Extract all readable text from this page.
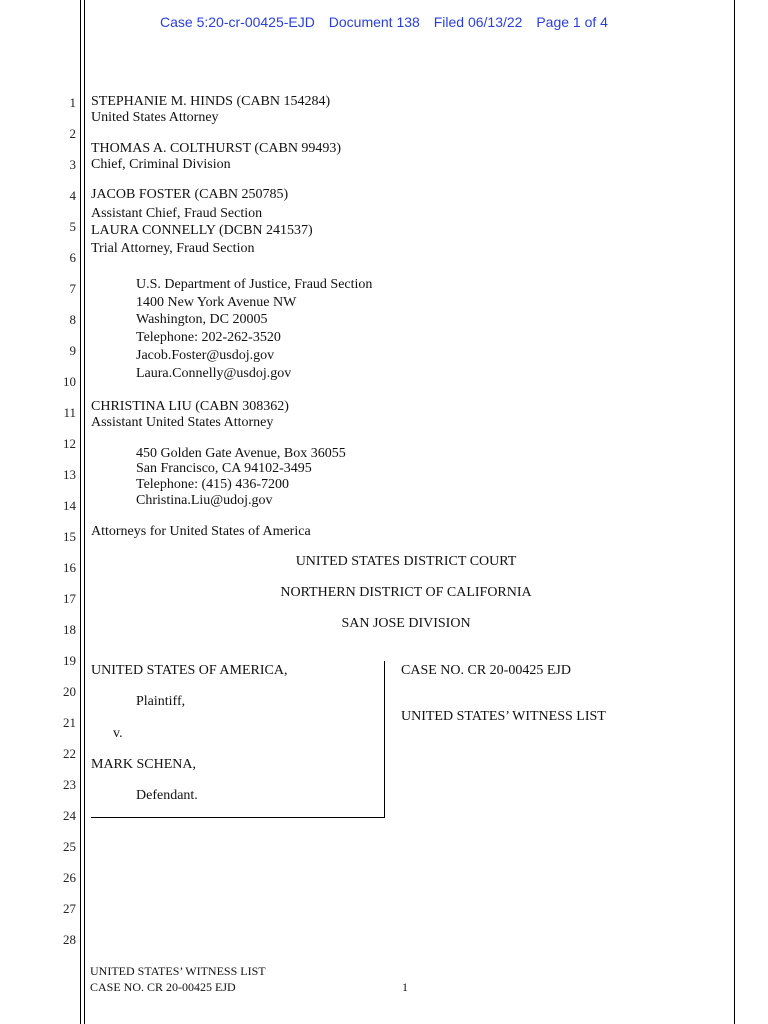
Case 5:20-cr-00425-EJD Document 138 Filed 06/13/22 Page 1 of 4
1
2
3
4
5
6
7
8
9
10
11
12
13
14
15
16
17
18
19
20
21
22
23
24
25
26
27
28
STEPHANIE M. HINDS (CABN 154284)
United States Attorney
THOMAS A. COLTHURST (CABN 99493)
Chief, Criminal Division
JACOB FOSTER (CABN 250785)
Assistant Chief, Fraud Section
LAURA CONNELLY (DCBN 241537)
Trial Attorney, Fraud Section
U.S. Department of Justice, Fraud Section
1400 New York Avenue NW
Washington, DC 20005
Telephone: 202-262-3520
Jacob.Foster@usdoj.gov
Laura.Connelly@usdoj.gov
CHRISTINA LIU (CABN 308362)
Assistant United States Attorney
450 Golden Gate Avenue, Box 36055
San Francisco, CA 94102-3495
Telephone: (415) 436-7200
Christina.Liu@udoj.gov
Attorneys for United States of America
UNITED STATES DISTRICT COURT
NORTHERN DISTRICT OF CALIFORNIA
SAN JOSE DIVISION
UNITED STATES OF AMERICA,
Plaintiff,
v.
MARK SCHENA,
Defendant.
CASE NO. CR 20-00425 EJD
UNITED STATES’ WITNESS LIST
UNITED STATES’ WITNESS LIST
CASE NO. CR 20-00425 EJD	1
